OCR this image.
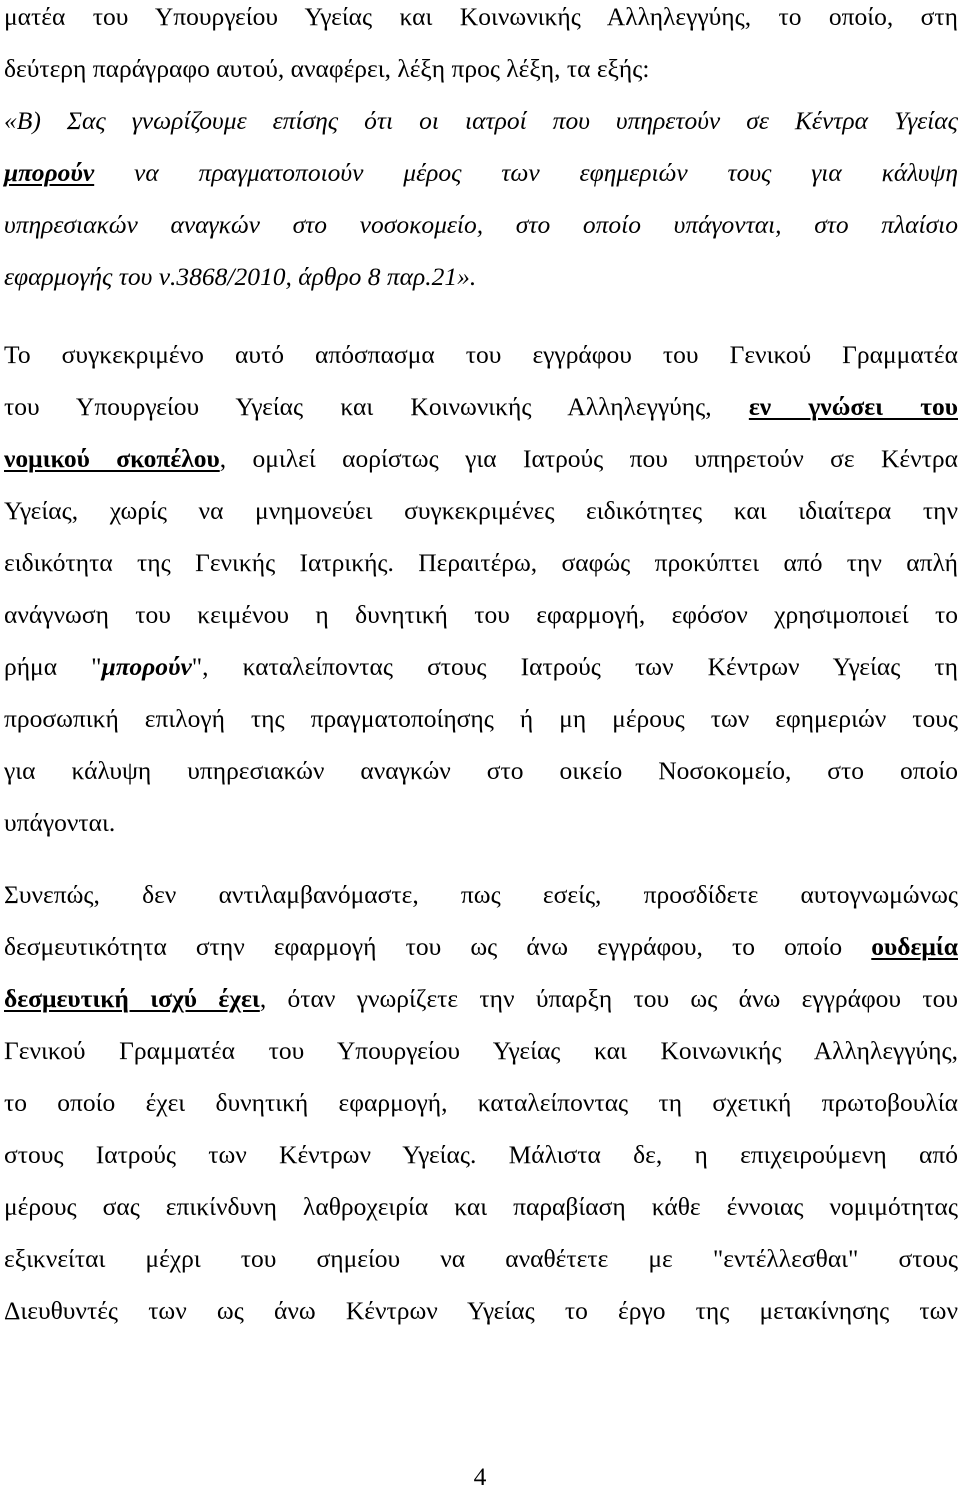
ματέα του Υπουργείου Υγείας και Κοινωνικής Αλληλεγγύης, το οποίο, στη
δεύτερη παράγραφο αυτού, αναφέρει, λέξη προς λέξη, τα εξής:
«Β) Σας γνωρίζουμε επίσης ότι οι ιατροί που υπηρετούν σε Κέντρα Υγείας
μπορούν να πραγματοποιούν μέρος των εφημεριών τους για κάλυψη
υπηρεσιακών αναγκών στο νοσοκομείο, στο οποίο υπάγονται, στο πλαίσιο
εφαρμογής του ν.3868/2010, άρθρο 8 παρ.21».
Το συγκεκριμένο αυτό απόσπασμα του εγγράφου του Γενικού Γραμματέα
του Υπουργείου Υγείας και Κοινωνικής Αλληλεγγύης, εν γνώσει του
νομικού σκοπέλου, ομιλεί αορίστως για Ιατρούς που υπηρετούν σε Κέντρα
Υγείας, χωρίς να μνημονεύει συγκεκριμένες ειδικότητες και ιδιαίτερα την
ειδικότητα της Γενικής Ιατρικής. Περαιτέρω, σαφώς προκύπτει από την απλή
ανάγνωση του κειμένου η δυνητική του εφαρμογή, εφόσον χρησιμοποιεί το
ρήμα "μπορούν", καταλείποντας στους Ιατρούς των Κέντρων Υγείας τη
προσωπική επιλογή της πραγματοποίησης ή μη μέρους των εφημεριών τους
για κάλυψη υπηρεσιακών αναγκών στο οικείο Νοσοκομείο, στο οποίο
υπάγονται.
Συνεπώς, δεν αντιλαμβανόμαστε, πως εσείς, προσδίδετε αυτογνωμώνως
δεσμευτικότητα στην εφαρμογή του ως άνω εγγράφου, το οποίο ουδεμία
δεσμευτική ισχύ έχει, όταν γνωρίζετε την ύπαρξη του ως άνω εγγράφου του
Γενικού Γραμματέα του Υπουργείου Υγείας και Κοινωνικής Αλληλεγγύης,
το οποίο έχει δυνητική εφαρμογή, καταλείποντας τη σχετική πρωτοβουλία
στους Ιατρούς των Κέντρων Υγείας. Μάλιστα δε, η επιχειρούμενη από
μέρους σας επικίνδυνη λαθροχειρία και παραβίαση κάθε έννοιας νομιμότητας
εξικνείται μέχρι του σημείου να αναθέτετε με "εντέλλεσθαι" στους
Διευθυντές των ως άνω Κέντρων Υγείας το έργο της μετακίνησης των
4
